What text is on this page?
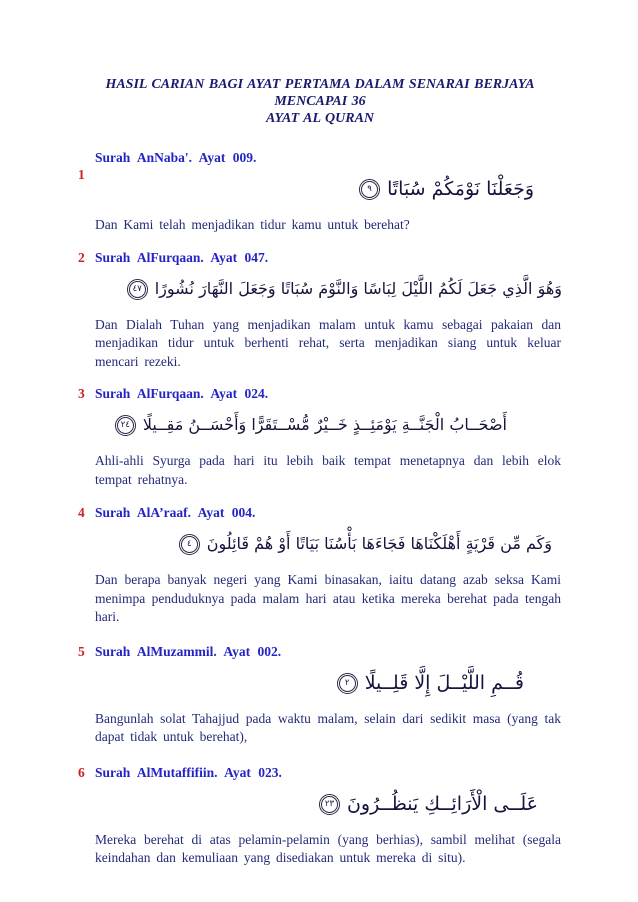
HASIL CARIAN BAGI AYAT PERTAMA DALAM SENARAI BERJAYA MENCAPAI 36
AYAT AL QURAN
1
Surah AnNaba'. Ayat 009.
وَجَعَلْنَا نَوْمَكُمْ سُبَاتًا٩
Dan Kami telah menjadikan tidur kamu untuk berehat?
2 Surah AlFurqaan. Ayat 047.
وَهُوَ الَّذِي جَعَلَ لَكُمُ اللَّيْلَ لِبَاسًا وَالنَّوْمَ سُبَاتًا وَجَعَلَ النَّهَارَ نُشُورًا٤٧
Dan Dialah Tuhan yang menjadikan malam untuk kamu sebagai pakaian dan menjadikan tidur untuk berhenti rehat, serta menjadikan siang untuk keluar mencari rezeki.
3 Surah AlFurqaan. Ayat 024.
أَصْحَــابُ الْجَنَّــةِ يَوْمَئِــذٍ خَــيْرٌ مُّسْــتَقَرًّا وَأَحْسَــنُ مَقِــيلًا٢٤
Ahli-ahli Syurga pada hari itu lebih baik tempat menetapnya dan lebih elok tempat rehatnya.
4 Surah AlA’raaf. Ayat 004.
وَكَم مِّن قَرْيَةٍ أَهْلَكْنَاهَا فَجَاءَهَا بَأْسُنَا بَيَاتًا أَوْ هُمْ قَائِلُونَ٤
Dan berapa banyak negeri yang Kami binasakan, iaitu datang azab seksa Kami menimpa penduduknya pada malam hari atau ketika mereka berehat pada tengah hari.
5 Surah AlMuzammil. Ayat 002.
قُــمِ اللَّيْــلَ إِلَّا قَلِــيلًا٢
Bangunlah solat Tahajjud pada waktu malam, selain dari sedikit masa (yang tak dapat tidak untuk berehat),
6 Surah AlMutaffifiin. Ayat 023.
عَلَــى الْأَرَائِــكِ يَنظُــرُونَ٢٣
Mereka berehat di atas pelamin-pelamin (yang berhias), sambil melihat (segala keindahan dan kemuliaan yang disediakan untuk mereka di situ).
